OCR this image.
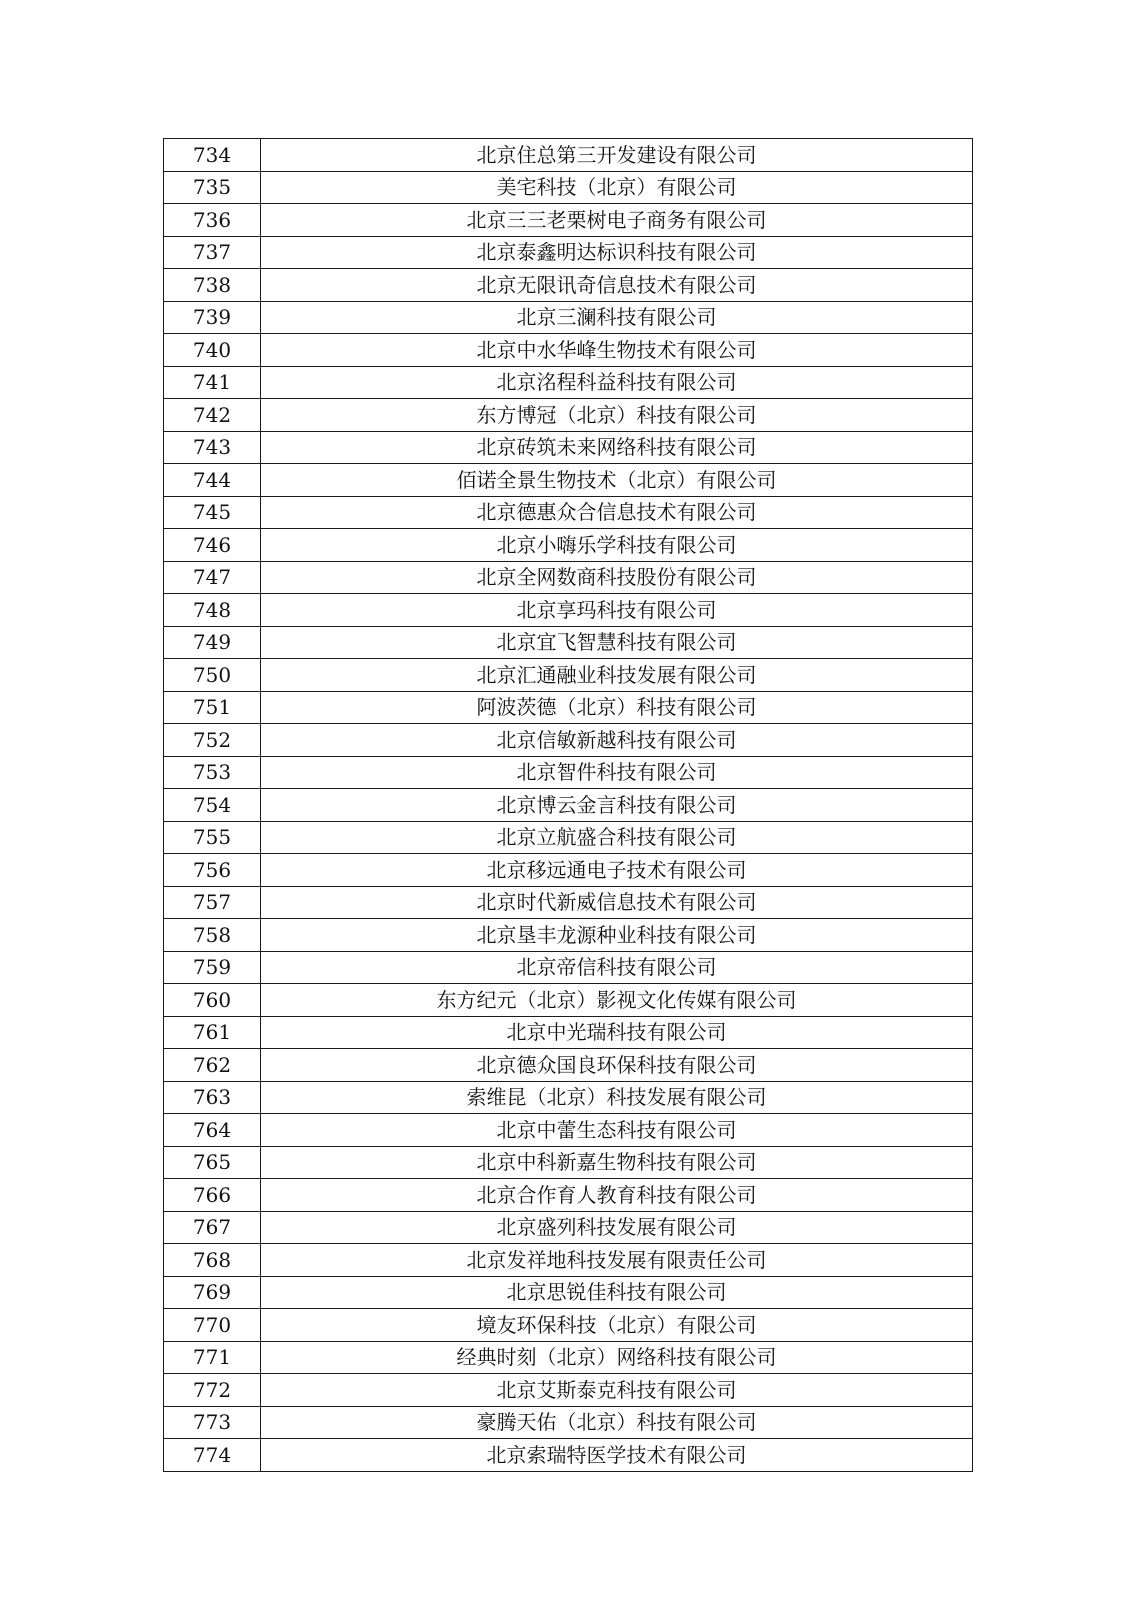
734	北京住总第三开发建设有限公司
735	美宅科技（北京）有限公司
736	北京三三老栗树电子商务有限公司
737	北京泰鑫明达标识科技有限公司
738	北京无限讯奇信息技术有限公司
739	北京三澜科技有限公司
740	北京中水华峰生物技术有限公司
741	北京洺程科益科技有限公司
742	东方博冠（北京）科技有限公司
743	北京砖筑未来网络科技有限公司
744	佰诺全景生物技术（北京）有限公司
745	北京德惠众合信息技术有限公司
746	北京小嗨乐学科技有限公司
747	北京全网数商科技股份有限公司
748	北京享玛科技有限公司
749	北京宜飞智慧科技有限公司
750	北京汇通融业科技发展有限公司
751	阿波茨德（北京）科技有限公司
752	北京信敏新越科技有限公司
753	北京智件科技有限公司
754	北京博云金言科技有限公司
755	北京立航盛合科技有限公司
756	北京移远通电子技术有限公司
757	北京时代新威信息技术有限公司
758	北京垦丰龙源种业科技有限公司
759	北京帝信科技有限公司
760	东方纪元（北京）影视文化传媒有限公司
761	北京中光瑞科技有限公司
762	北京德众国良环保科技有限公司
763	索维昆（北京）科技发展有限公司
764	北京中蕾生态科技有限公司
765	北京中科新嘉生物科技有限公司
766	北京合作育人教育科技有限公司
767	北京盛列科技发展有限公司
768	北京发祥地科技发展有限责任公司
769	北京思锐佳科技有限公司
770	境友环保科技（北京）有限公司
771	经典时刻（北京）网络科技有限公司
772	北京艾斯泰克科技有限公司
773	豪腾天佑（北京）科技有限公司
774	北京索瑞特医学技术有限公司
